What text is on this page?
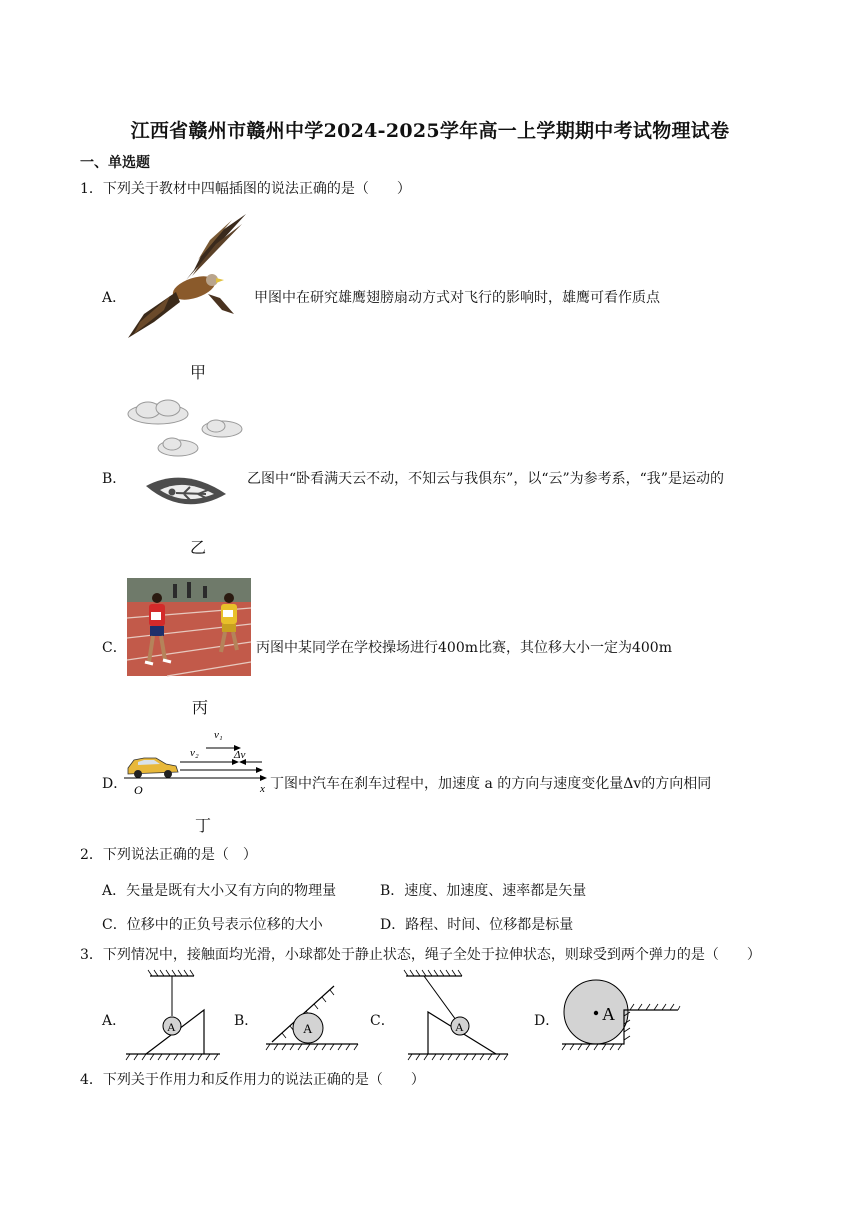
江西省赣州市赣州中学2024-2025学年高一上学期期中考试物理试卷
一、单选题
1．下列关于教材中四幅插图的说法正确的是（　　）
A．	甲图中在研究雄鹰翅膀扇动方式对飞行的影响时，雄鹰可看作质点
甲
B．	乙图中“卧看满天云不动，不知云与我俱东”，以“云”为参考系，“我”是运动的
乙
C．	丙图中某同学在学校操场进行400m比赛，其位移大小一定为400m
丙
D．
v₁
v₂	Δv
O	x 丁图中汽车在刹车过程中，加速度 a 的方向与速度变化量Δv的方向相同
丁
2．下列说法正确的是（　）
A．矢量是既有大小又有方向的物理量	B．速度、加速度、速率都是矢量
C．位移中的正负号表示位移的大小	D．路程、时间、位移都是标量
3．下列情况中，接触面均光滑，小球都处于静止状态，绳子全处于拉伸状态，则球受到两个弹力的是（　　）
A．	A	B．	A	C．	A	D． A
4．下列关于作用力和反作用力的说法正确的是（　　）
